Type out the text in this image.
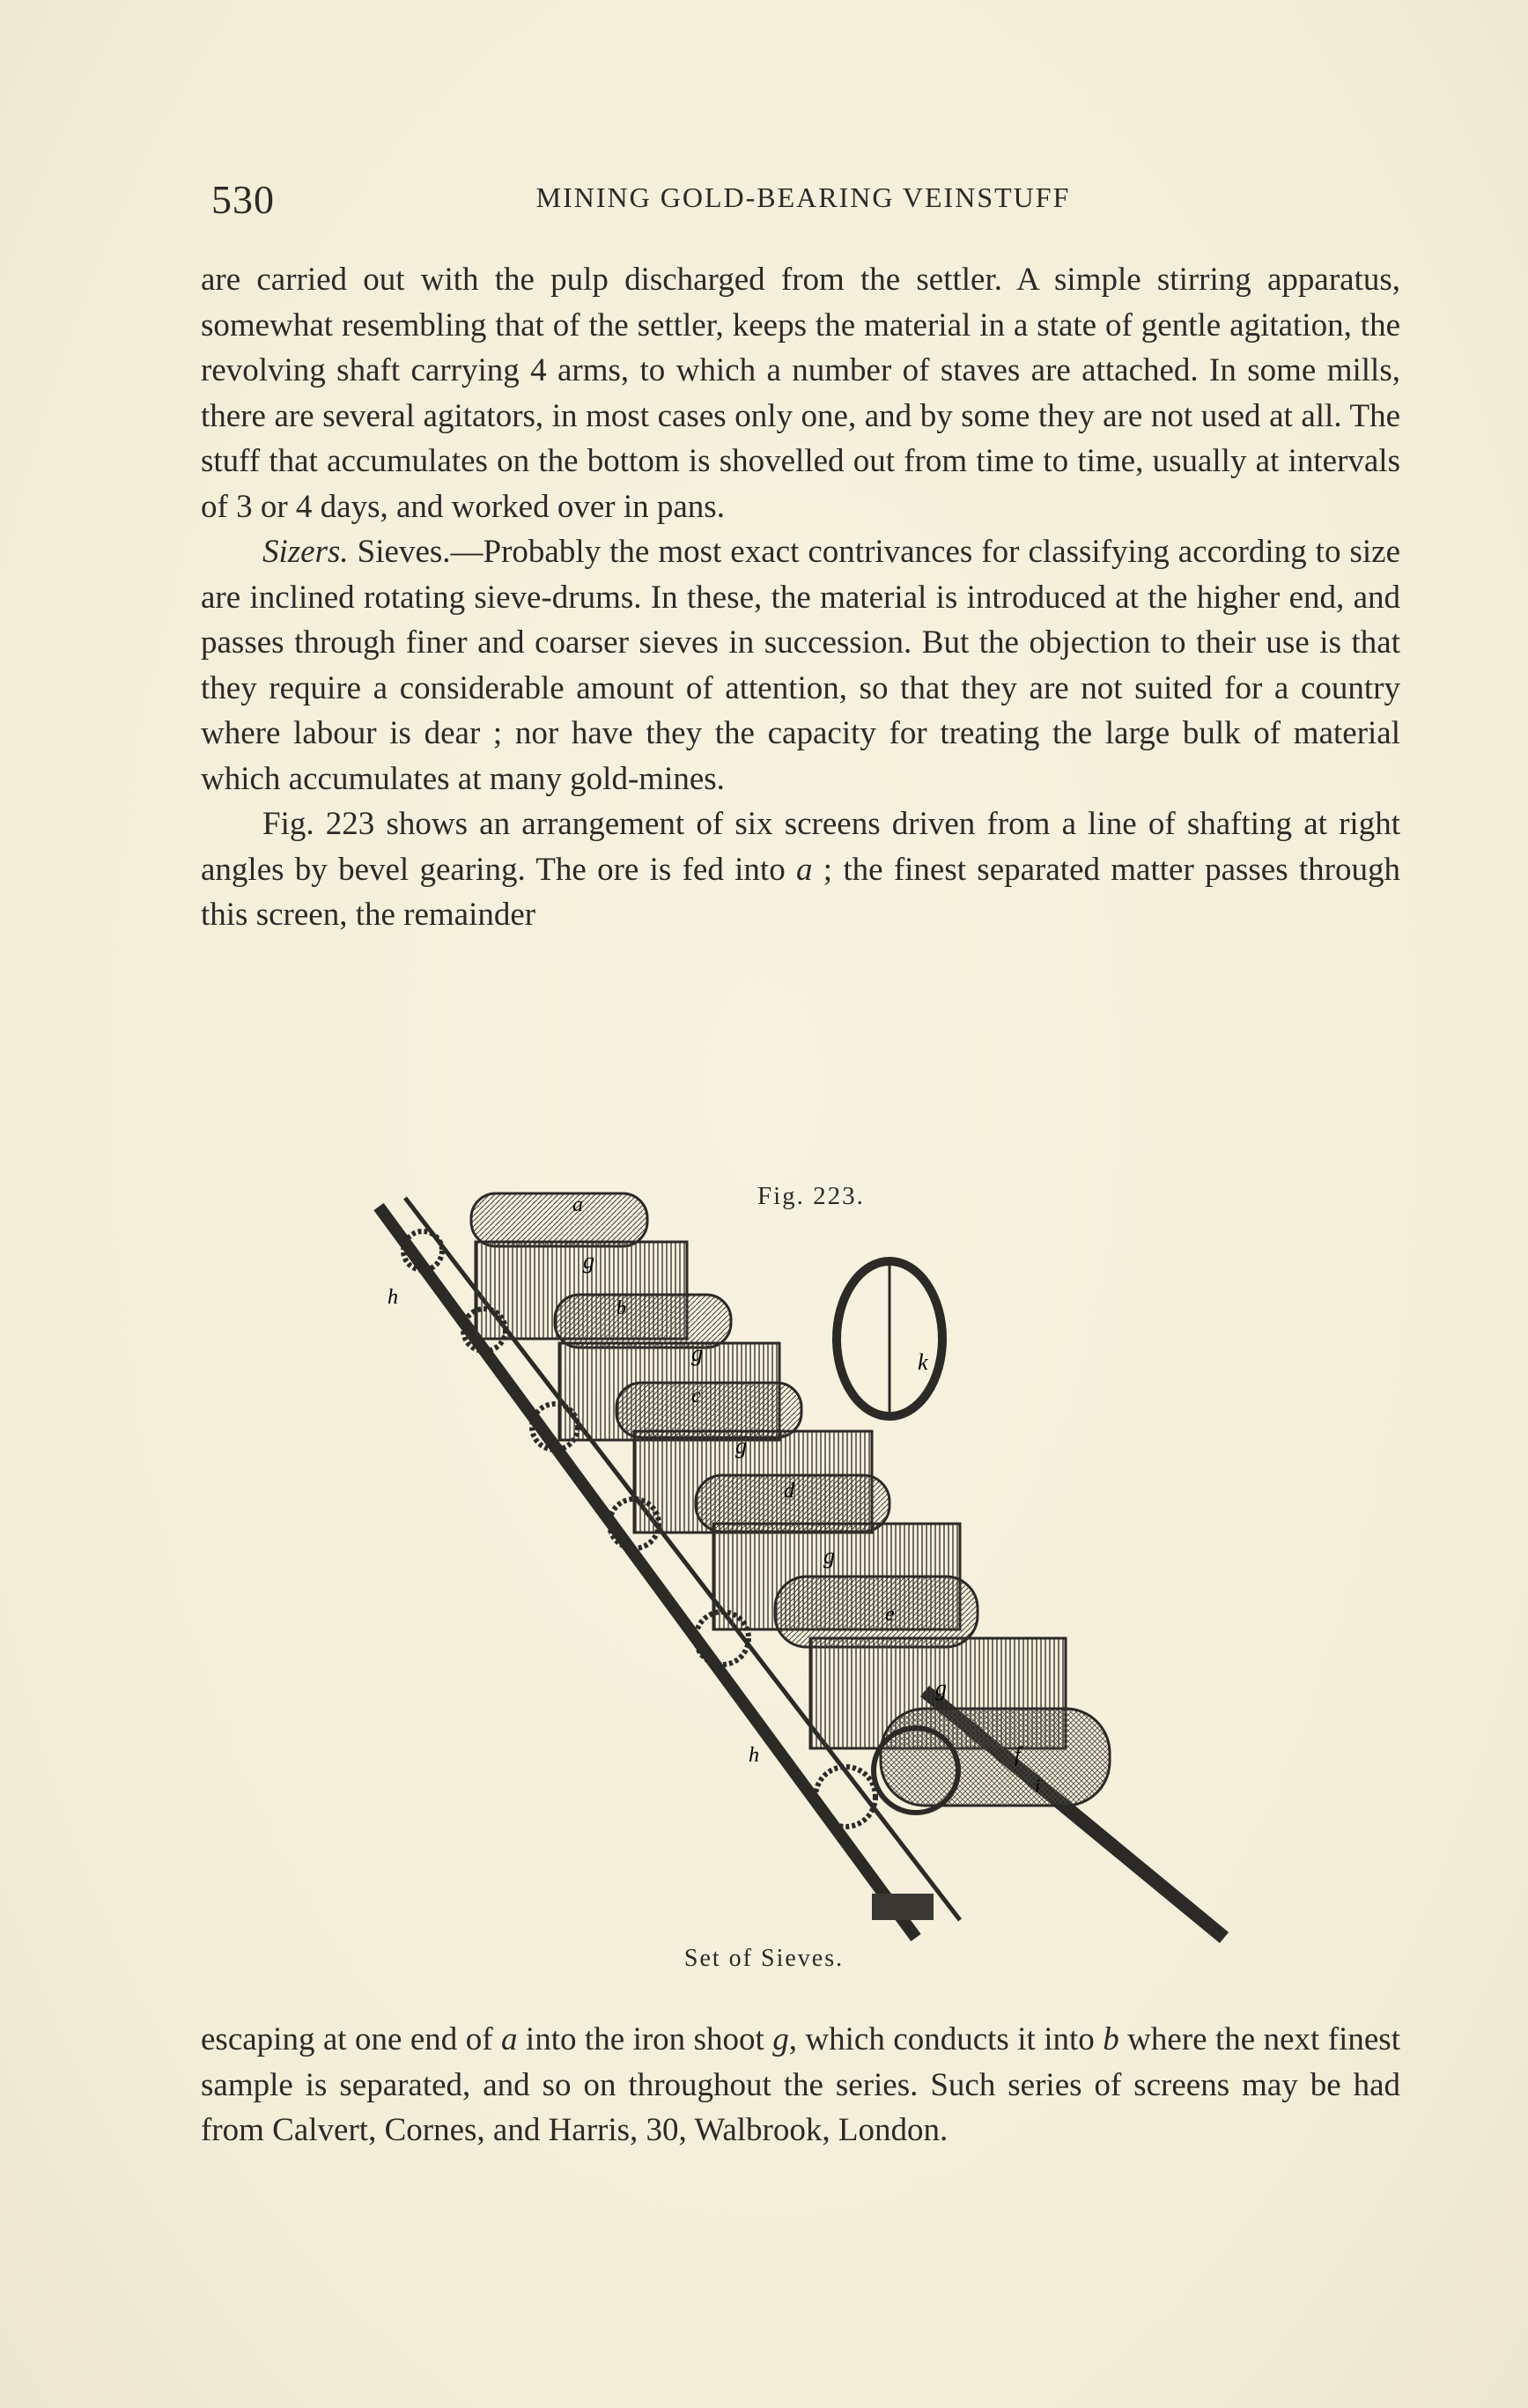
530	MINING GOLD-BEARING VEINSTUFF

are carried out with the pulp discharged from the settler. A simple stirring apparatus, somewhat resembling that of the settler, keeps the material in a state of gentle agitation, the revolving shaft carrying 4 arms, to which a number of staves are attached. In some mills, there are several agitators, in most cases only one, and by some they are not used at all. The stuff that accumulates on the bottom is shovelled out from time to time, usually at intervals of 3 or 4 days, and worked over in pans.

Sizers. Sieves.—Probably the most exact contrivances for classifying according to size are inclined rotating sieve-drums. In these, the material is introduced at the higher end, and passes through finer and coarser sieves in succession. But the objection to their use is that they require a considerable amount of attention, so that they are not suited for a country where labour is dear ; nor have they the capacity for treating the large bulk of material which accumulates at many gold-mines.

Fig. 223 shows an arrangement of six screens driven from a line of shafting at right angles by bevel gearing. The ore is fed into a ; the finest separated matter passes through this screen, the remainder

Fig. 223.
a
g
b
g
c
g
d
g
e
g
f
i
h
h
k
Set of Sieves.

escaping at one end of a into the iron shoot g, which conducts it into b where the next finest sample is separated, and so on throughout the series. Such series of screens may be had from Calvert, Cornes, and Harris, 30, Walbrook, London.
